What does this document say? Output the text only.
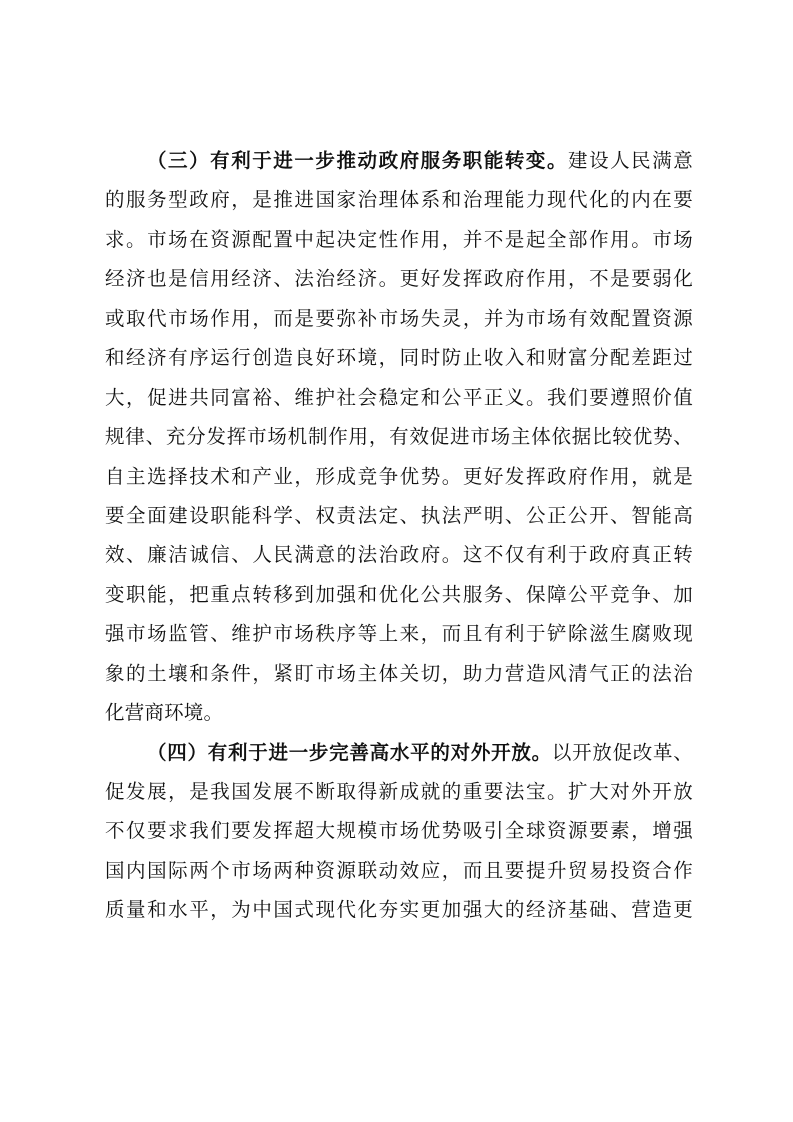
（三）有利于进一步推动政府服务职能转变。建设人民满意
的服务型政府，是推进国家治理体系和治理能力现代化的内在要
求。市场在资源配置中起决定性作用，并不是起全部作用。市场
经济也是信用经济、法治经济。更好发挥政府作用，不是要弱化
或取代市场作用，而是要弥补市场失灵，并为市场有效配置资源
和经济有序运行创造良好环境，同时防止收入和财富分配差距过
大，促进共同富裕、维护社会稳定和公平正义。我们要遵照价值
规律、充分发挥市场机制作用，有效促进市场主体依据比较优势、
自主选择技术和产业，形成竞争优势。更好发挥政府作用，就是
要全面建设职能科学、权责法定、执法严明、公正公开、智能高
效、廉洁诚信、人民满意的法治政府。这不仅有利于政府真正转
变职能，把重点转移到加强和优化公共服务、保障公平竞争、加
强市场监管、维护市场秩序等上来，而且有利于铲除滋生腐败现
象的土壤和条件，紧盯市场主体关切，助力营造风清气正的法治
化营商环境。
（四）有利于进一步完善高水平的对外开放。以开放促改革、
促发展，是我国发展不断取得新成就的重要法宝。扩大对外开放
不仅要求我们要发挥超大规模市场优势吸引全球资源要素，增强
国内国际两个市场两种资源联动效应，而且要提升贸易投资合作
质量和水平，为中国式现代化夯实更加强大的经济基础、营造更
